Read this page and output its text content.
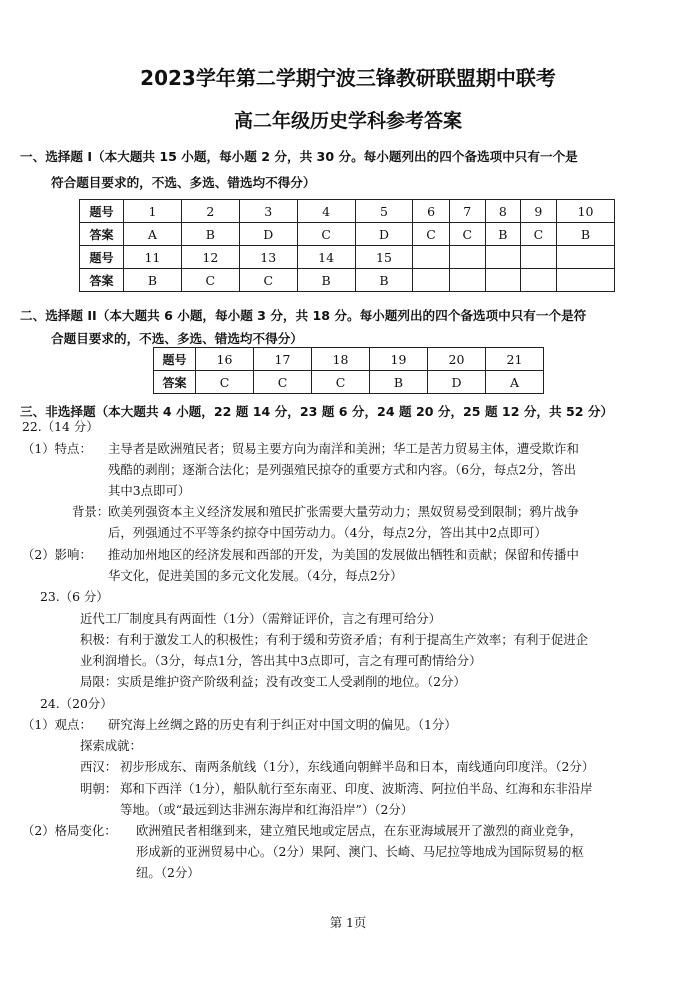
2023学年第二学期宁波三锋教研联盟期中联考
高二年级历史学科参考答案
一、选择题 I（本大题共 15 小题，每小题 2 分，共 30 分。每小题列出的四个备选项中只有一个是
符合题目要求的，不选、多选、错选均不得分）
题号	1	2	3	4	5	6	7	8	9	10
答案	A	B	D	C	D	C	C	B	C	B
题号	11	12	13	14	15					
答案	B	C	C	B	B					
二、选择题 II（本大题共 6 小题，每小题 3 分，共 18 分。每小题列出的四个备选项中只有一个是符
合题目要求的，不选、多选、错选均不得分）
题号	16	17	18	19	20	21
答案	C	C	C	B	D	A
三、非选择题（本大题共 4 小题，22 题 14 分，23 题 6 分，24 题 20 分，25 题 12 分，共 52 分）
22.（14 分）
（1）特点： 主导者是欧洲殖民者；贸易主要方向为南洋和美洲；华工是苦力贸易主体，遭受欺诈和
残酷的剥削；逐渐合法化；是列强殖民掠夺的重要方式和内容。（6分，每点2分，答出
其中3点即可）
背景：
欧美列强资本主义经济发展和殖民扩张需要大量劳动力；黑奴贸易受到限制；鸦片战争
后，列强通过不平等条约掠夺中国劳动力。（4分，每点2分，答出其中2点即可）
（2）影响： 推动加州地区的经济发展和西部的开发，为美国的发展做出牺牲和贡献；保留和传播中
华文化，促进美国的多元文化发展。（4分，每点2分）
23.（6 分）
近代工厂制度具有两面性（1分）（需辩证评价，言之有理可给分）
积极：有利于激发工人的积极性；有利于缓和劳资矛盾；有利于提高生产效率；有利于促进企
业利润增长。（3分，每点1分，答出其中3点即可，言之有理可酌情给分）
局限：实质是维护资产阶级利益；没有改变工人受剥削的地位。（2分）
24.（20分）
（1）观点： 研究海上丝绸之路的历史有利于纠正对中国文明的偏见。（1分）
探索成就：
西汉： 初步形成东、南两条航线（1分），东线通向朝鲜半岛和日本，南线通向印度洋。（2分）
明朝： 郑和下西洋（1分），船队航行至东南亚、印度、波斯湾、阿拉伯半岛、红海和东非沿岸
等地。（或“最远到达非洲东海岸和红海沿岸”）（2分）
（2）格局变化： 欧洲殖民者相继到来，建立殖民地或定居点，在东亚海域展开了激烈的商业竞争，
形成新的亚洲贸易中心。（2分）果阿、澳门、长崎、马尼拉等地成为国际贸易的枢
纽。（2分）
第 1页
